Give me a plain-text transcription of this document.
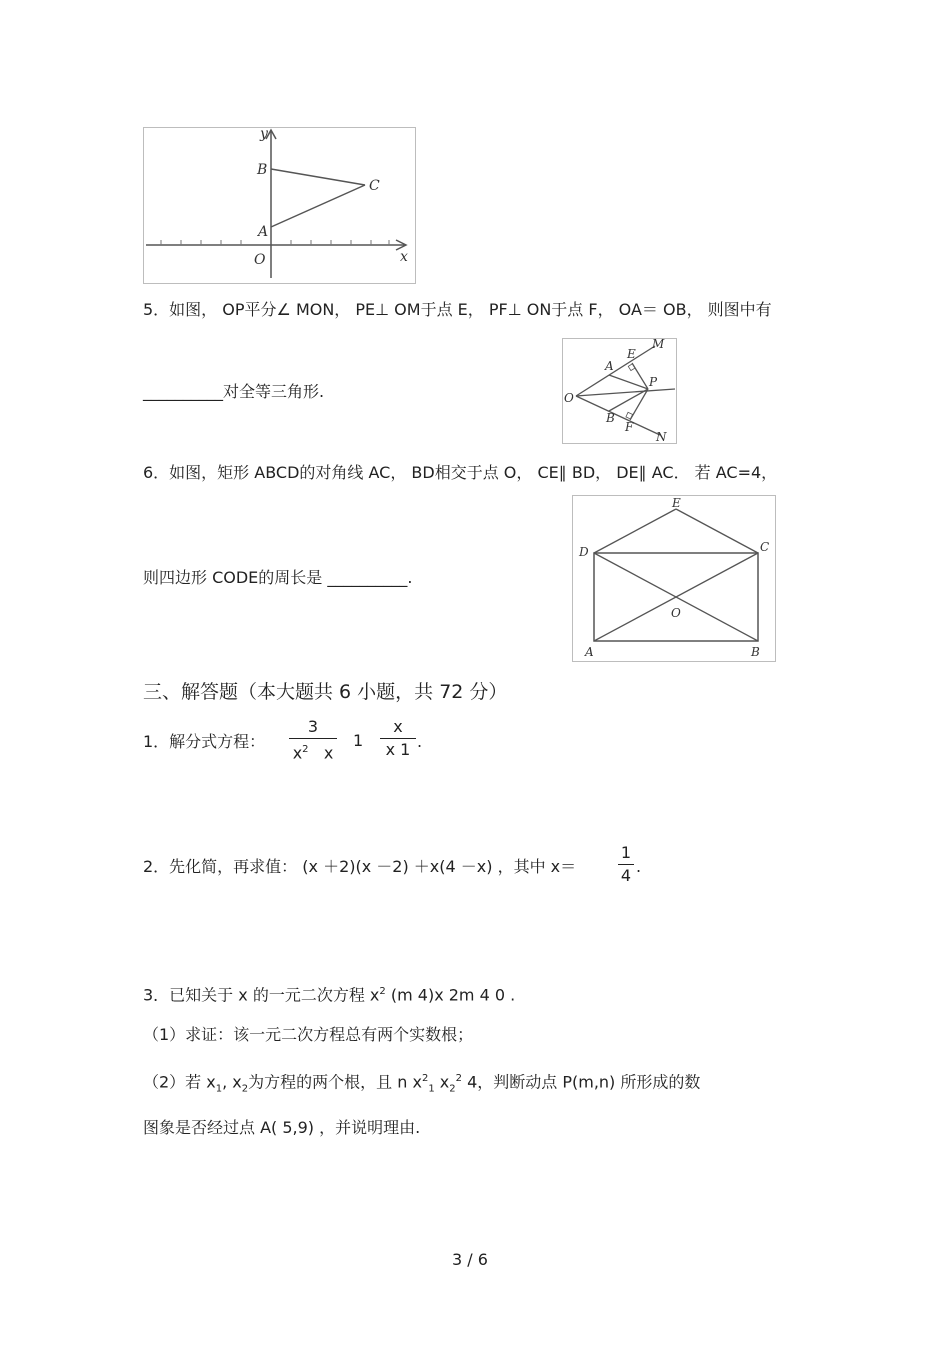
y
x
O
A
B
C
5．如图， OP平分∠ MON， PE⊥ OM于点 E， PF⊥ ON于点 F， OA＝ OB， 则图中有
__________对全等三角形.
A
E
M
O
P
B
F
N
6．如图，矩形 ABCD的对角线 AC， BD相交于点 O， CE∥ BD， DE∥ AC． 若 AC=4，
则四边形 CODE的周长是 __________.
E
D	C
O
A	B
三、解答题（本大题共 6 小题，共 72 分）
1．解分式方程：
3
$x^2$ x
1
x
x 1 .
2．先化简，再求值： (x ＋2)(x －2) ＋x(4 －x) ，其中 x＝
1
4 .
3．已知关于 x 的一元二次方程 $x^2$ (m 4)x 2m 4 0 .
（1）求证：该一元二次方程总有两个实数根；
（2）若 $x_1$, $x_2$为方程的两个根，且 n $x^2_1$ $x_2^2$ 4，判断动点 P(m,n) 所形成的数
图象是否经过点 A( 5,9) ，并说明理由.
3 / 6
